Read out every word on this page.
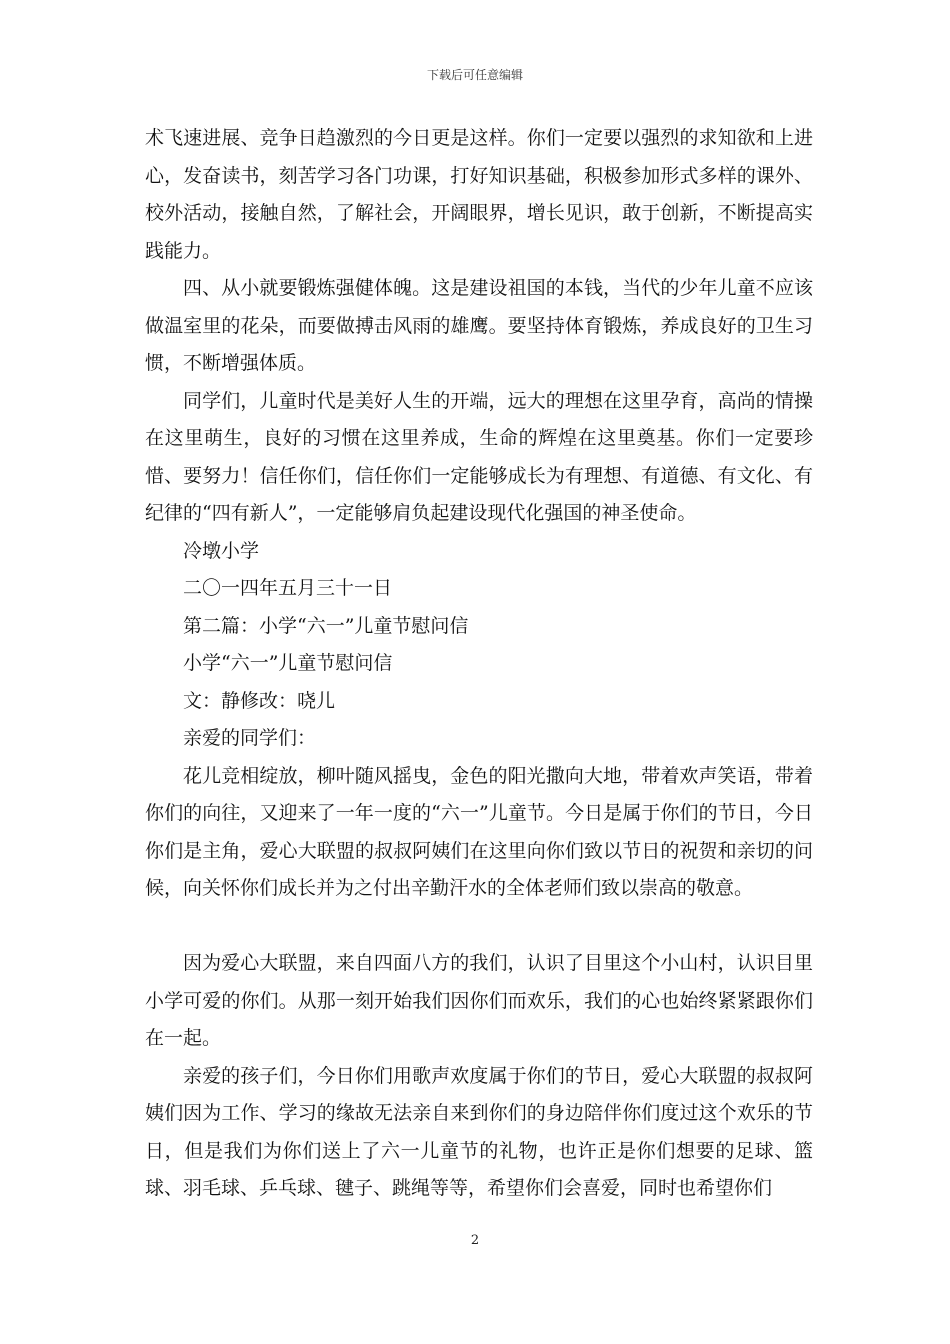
下载后可任意编辑

术飞速进展、竞争日趋激烈的今日更是这样。你们一定要以强烈的求知欲和上进心，发奋读书，刻苦学习各门功课，打好知识基础，积极参加形式多样的课外、校外活动，接触自然，了解社会，开阔眼界，增长见识，敢于创新，不断提高实践能力。

四、从小就要锻炼强健体魄。这是建设祖国的本钱，当代的少年儿童不应该做温室里的花朵，而要做搏击风雨的雄鹰。要坚持体育锻炼，养成良好的卫生习惯，不断增强体质。

同学们，儿童时代是美好人生的开端，远大的理想在这里孕育，高尚的情操在这里萌生，良好的习惯在这里养成，生命的辉煌在这里奠基。你们一定要珍惜、要努力！信任你们，信任你们一定能够成长为有理想、有道德、有文化、有纪律的“四有新人”，一定能够肩负起建设现代化强国的神圣使命。

冷墩小学

二〇一四年五月三十一日

第二篇：小学“六一”儿童节慰问信

小学“六一”儿童节慰问信

文：静修改：哓儿

亲爱的同学们：

花儿竞相绽放，柳叶随风摇曳，金色的阳光撒向大地，带着欢声笑语，带着你们的向往，又迎来了一年一度的“六一”儿童节。今日是属于你们的节日，今日你们是主角，爱心大联盟的叔叔阿姨们在这里向你们致以节日的祝贺和亲切的问候，向关怀你们成长并为之付出辛勤汗水的全体老师们致以崇高的敬意。

因为爱心大联盟，来自四面八方的我们，认识了目里这个小山村，认识目里小学可爱的你们。从那一刻开始我们因你们而欢乐，我们的心也始终紧紧跟你们在一起。

亲爱的孩子们，今日你们用歌声欢度属于你们的节日，爱心大联盟的叔叔阿姨们因为工作、学习的缘故无法亲自来到你们的身边陪伴你们度过这个欢乐的节日，但是我们为你们送上了六一儿童节的礼物，也许正是你们想要的足球、篮球、羽毛球、乒乓球、毽子、跳绳等等，希望你们会喜爱，同时也希望你们

2
